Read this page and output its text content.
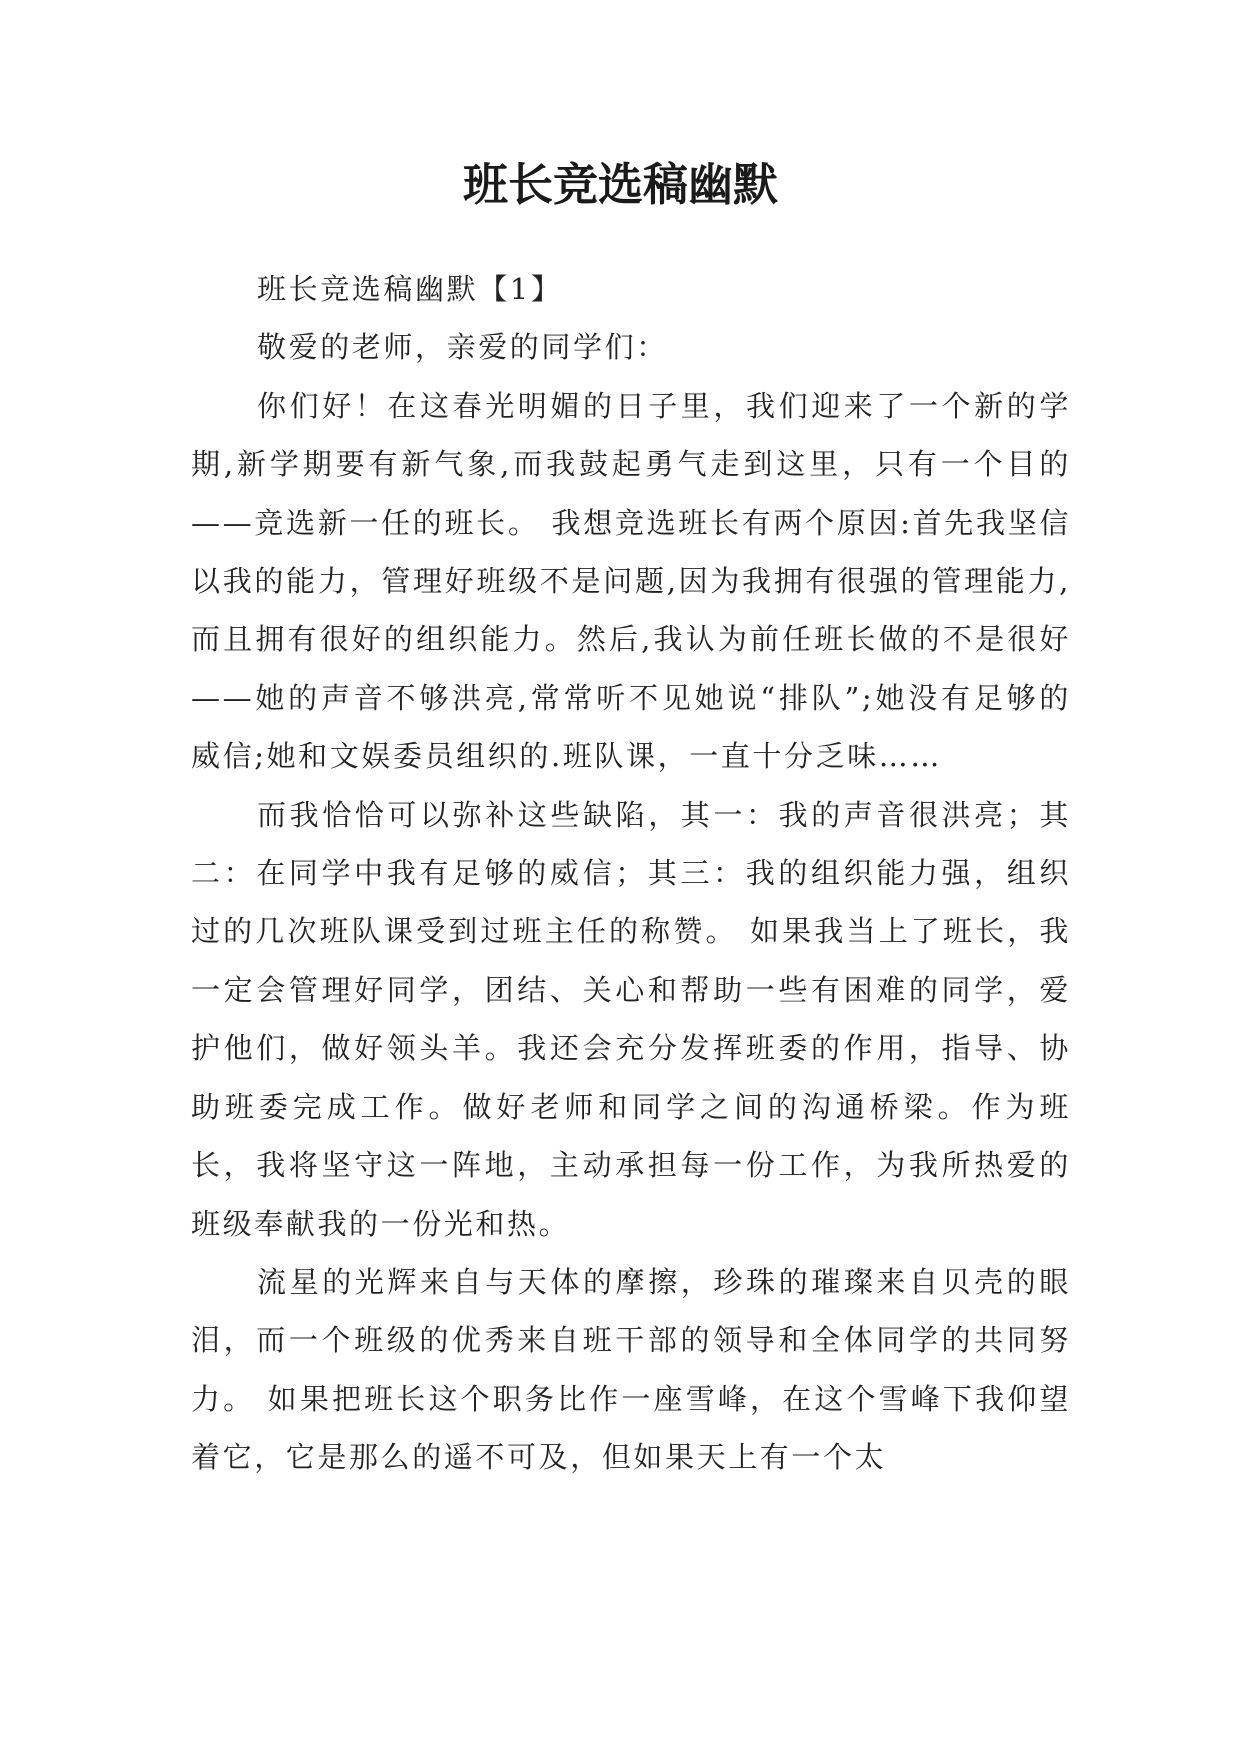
班长竞选稿幽默

班长竞选稿幽默【1】

敬爱的老师，亲爱的同学们：

你们好！在这春光明媚的日子里，我们迎来了一个新的学期,新学期要有新气象,而我鼓起勇气走到这里，只有一个目的——竞选新一任的班长。 我想竞选班长有两个原因:首先我坚信以我的能力，管理好班级不是问题,因为我拥有很强的管理能力,而且拥有很好的组织能力。然后,我认为前任班长做的不是很好——她的声音不够洪亮,常常听不见她说“排队”;她没有足够的威信;她和文娱委员组织的.班队课，一直十分乏味……

而我恰恰可以弥补这些缺陷，其一：我的声音很洪亮；其二：在同学中我有足够的威信；其三：我的组织能力强，组织过的几次班队课受到过班主任的称赞。 如果我当上了班长，我一定会管理好同学，团结、关心和帮助一些有困难的同学，爱护他们，做好领头羊。我还会充分发挥班委的作用，指导、协助班委完成工作。做好老师和同学之间的沟通桥梁。作为班长，我将坚守这一阵地，主动承担每一份工作，为我所热爱的班级奉献我的一份光和热。

流星的光辉来自与天体的摩擦，珍珠的璀璨来自贝壳的眼泪，而一个班级的优秀来自班干部的领导和全体同学的共同努力。 如果把班长这个职务比作一座雪峰，在这个雪峰下我仰望着它，它是那么的遥不可及，但如果天上有一个太
